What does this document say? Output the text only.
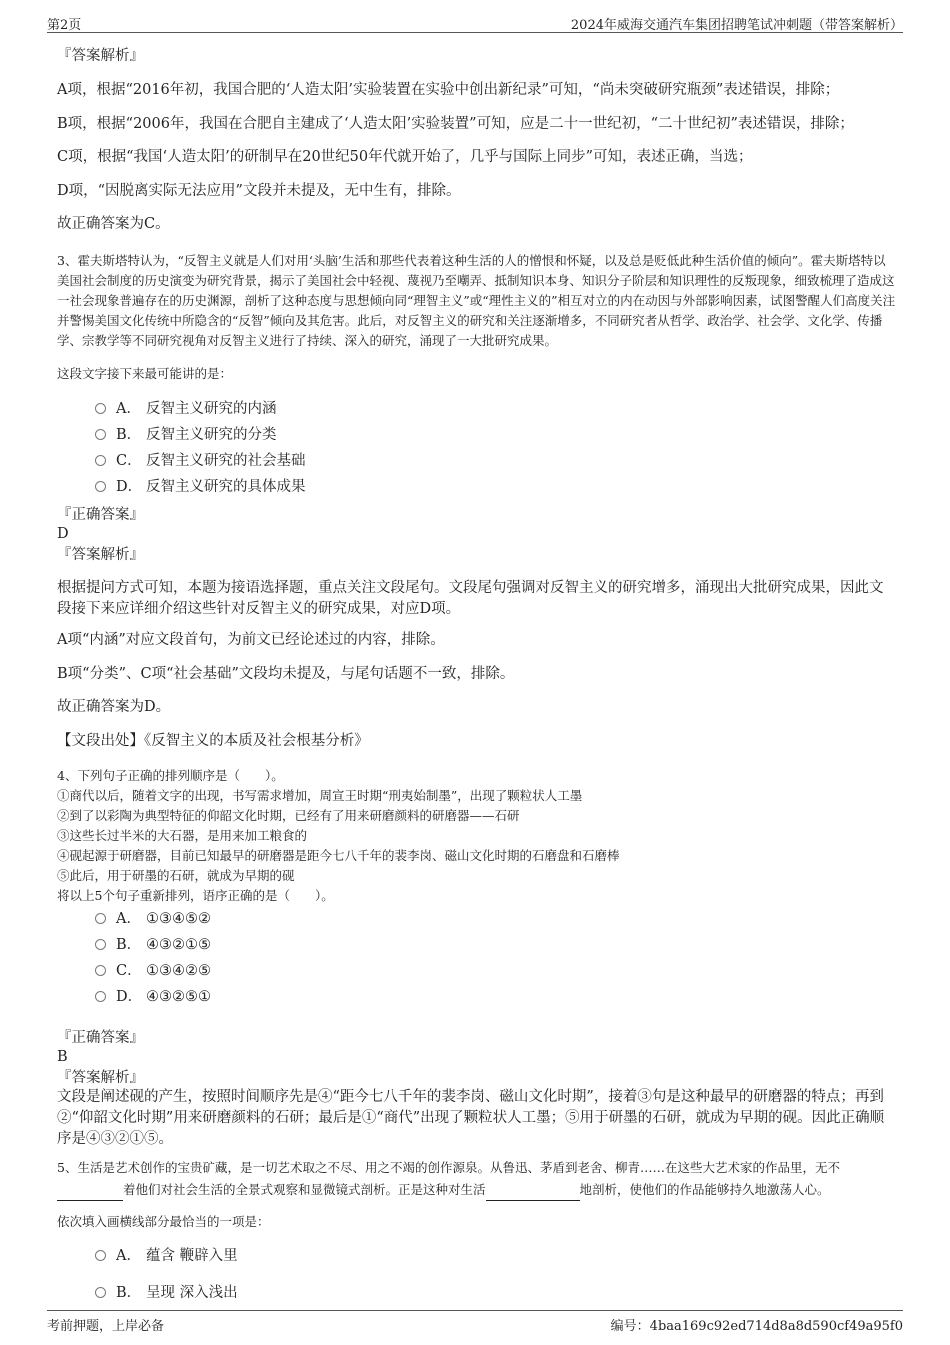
第2页	2024年威海交通汽车集团招聘笔试冲刺题（带答案解析）
『答案解析』
A项，根据“2016年初，我国合肥的‘人造太阳’实验装置在实验中创出新纪录”可知，“尚未突破研究瓶颈”表述错误，排除；
B项，根据“2006年，我国在合肥自主建成了‘人造太阳’实验装置”可知，应是二十一世纪初，“二十世纪初”表述错误，排除；
C项，根据“我国‘人造太阳’的研制早在20世纪50年代就开始了，几乎与国际上同步”可知，表述正确，当选；
D项，“因脱离实际无法应用”文段并未提及，无中生有，排除。
故正确答案为C。
3、霍夫斯塔特认为，“反智主义就是人们对用‘头脑’生活和那些代表着这种生活的人的憎恨和怀疑，以及总是贬低此种生活价值的倾向”。霍夫斯塔特以美国社会制度的历史演变为研究背景，揭示了美国社会中轻视、蔑视乃至嘲弄、抵制知识本身、知识分子阶层和知识理性的反叛现象，细致梳理了造成这一社会现象普遍存在的历史渊源，剖析了这种态度与思想倾向同“理智主义”或“理性主义的”相互对立的内在动因与外部影响因素，试图警醒人们高度关注并警惕美国文化传统中所隐含的“反智”倾向及其危害。此后，对反智主义的研究和关注逐渐增多，不同研究者从哲学、政治学、社会学、文化学、传播学、宗教学等不同研究视角对反智主义进行了持续、深入的研究，涌现了一大批研究成果。
这段文字接下来最可能讲的是：
A． 反智主义研究的内涵
B． 反智主义研究的分类
C． 反智主义研究的社会基础
D． 反智主义研究的具体成果
『正确答案』
D
『答案解析』
根据提问方式可知，本题为接语选择题，重点关注文段尾句。文段尾句强调对反智主义的研究增多，涌现出大批研究成果，因此文段接下来应详细介绍这些针对反智主义的研究成果，对应D项。
A项“内涵”对应文段首句，为前文已经论述过的内容，排除。
B项“分类”、C项“社会基础”文段均未提及，与尾句话题不一致，排除。
故正确答案为D。
【文段出处】《反智主义的本质及社会根基分析》
4、下列句子正确的排列顺序是（　　）。
①商代以后，随着文字的出现，书写需求增加，周宣王时期“刑夷始制墨”，出现了颗粒状人工墨
②到了以彩陶为典型特征的仰韶文化时期，已经有了用来研磨颜料的研磨器——石研
③这些长过半米的大石器，是用来加工粮食的
④砚起源于研磨器，目前已知最早的研磨器是距今七八千年的裴李岗、磁山文化时期的石磨盘和石磨棒
⑤此后，用于研墨的石研，就成为早期的砚
将以上5个句子重新排列，语序正确的是（　　）。
A． ①③④⑤②
B． ④③②①⑤
C． ①③④②⑤
D． ④③②⑤①
『正确答案』
B
『答案解析』
文段是阐述砚的产生，按照时间顺序先是④“距今七八千年的裴李岗、磁山文化时期”，接着③句是这种最早的研磨器的特点；再到②“仰韶文化时期”用来研磨颜料的石研；最后是①“商代”出现了颗粒状人工墨；⑤用于研墨的石研，就成为早期的砚。因此正确顺序是④③②①⑤。
5、生活是艺术创作的宝贵矿藏，是一切艺术取之不尽、用之不竭的创作源泉。从鲁迅、茅盾到老舍、柳青……在这些大艺术家的作品里，无不着他们对社会生活的全景式观察和显微镜式剖析。正是这种对生活	地剖析，使他们的作品能够持久地激荡人心。
依次填入画横线部分最恰当的一项是：
A． 蕴含 鞭辟入里
B． 呈现 深入浅出
考前押题，上岸必备	编号：4baa169c92ed714d8a8d590cf49a95f0
